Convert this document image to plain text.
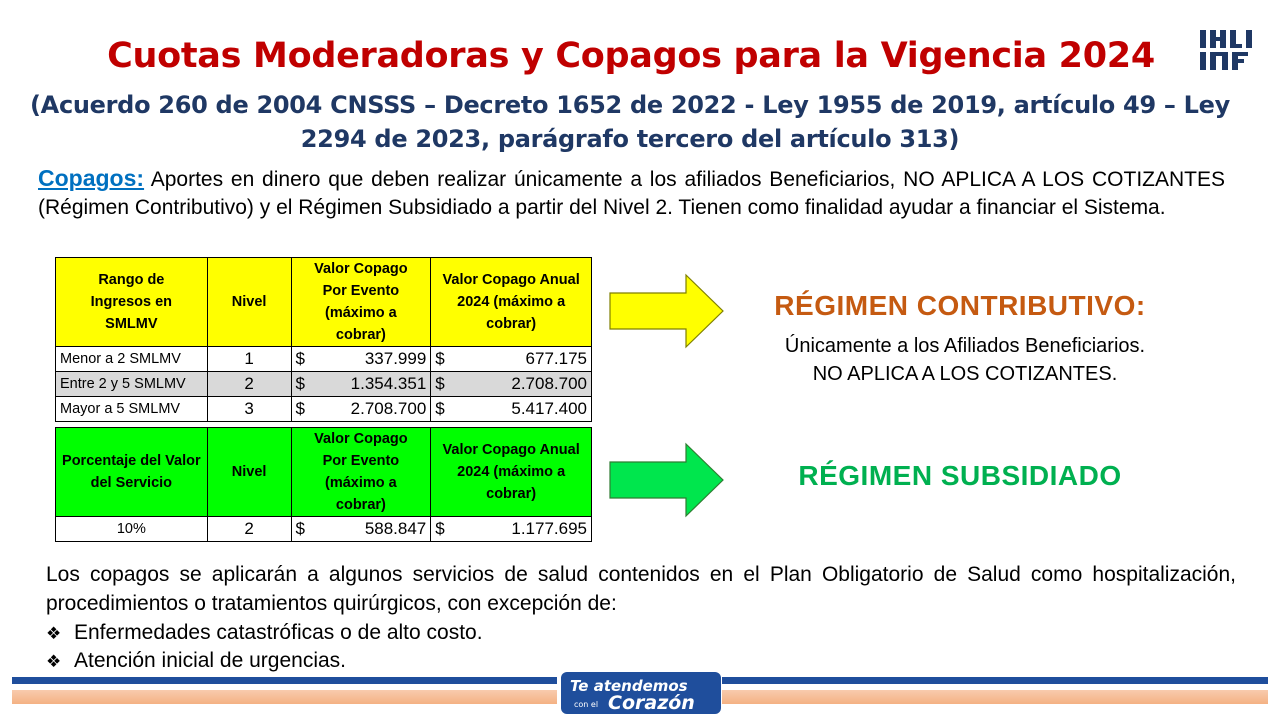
Cuotas Moderadoras y Copagos para la Vigencia 2024
(Acuerdo 260 de 2004 CNSSS – Decreto 1652 de 2022 - Ley 1955 de 2019, artículo 49 – Ley
2294 de 2023, parágrafo tercero del artículo 313)
Copagos: Aportes en dinero que deben realizar únicamente a los afiliados Beneficiarios, NO APLICA A LOS COTIZANTES (Régimen Contributivo) y el Régimen Subsidiado a partir del Nivel 2. Tienen como finalidad ayudar a financiar el Sistema.
Rango de Ingresos en SMLMV	Nivel	Valor Copago Por Evento (máximo a cobrar)	Valor Copago Anual 2024 (máximo a cobrar)
Menor a 2 SMLMV	1	$ 337.999	$ 677.175

Entre 2 y 5 SMLMV	2	$ 1.354.351	$ 2.708.700

Mayor a 5 SMLMV	3	$ 2.708.700	$ 5.417.400
Porcentaje del Valor del Servicio	Nivel	Valor Copago Por Evento (máximo a cobrar)	Valor Copago Anual 2024 (máximo a cobrar)
10%	2	$ 588.847	$ 1.177.695
RÉGIMEN CONTRIBUTIVO:
Únicamente a los Afiliados Beneficiarios.
NO APLICA A LOS COTIZANTES.
RÉGIMEN SUBSIDIADO
Los copagos se aplicarán a algunos servicios de salud contenidos en el Plan Obligatorio de Salud como hospitalización, procedimientos o tratamientos quirúrgicos, con excepción de:
❖ Enfermedades catastróficas o de alto costo.
❖ Atención inicial de urgencias.
Te atendemos
con el Corazón
